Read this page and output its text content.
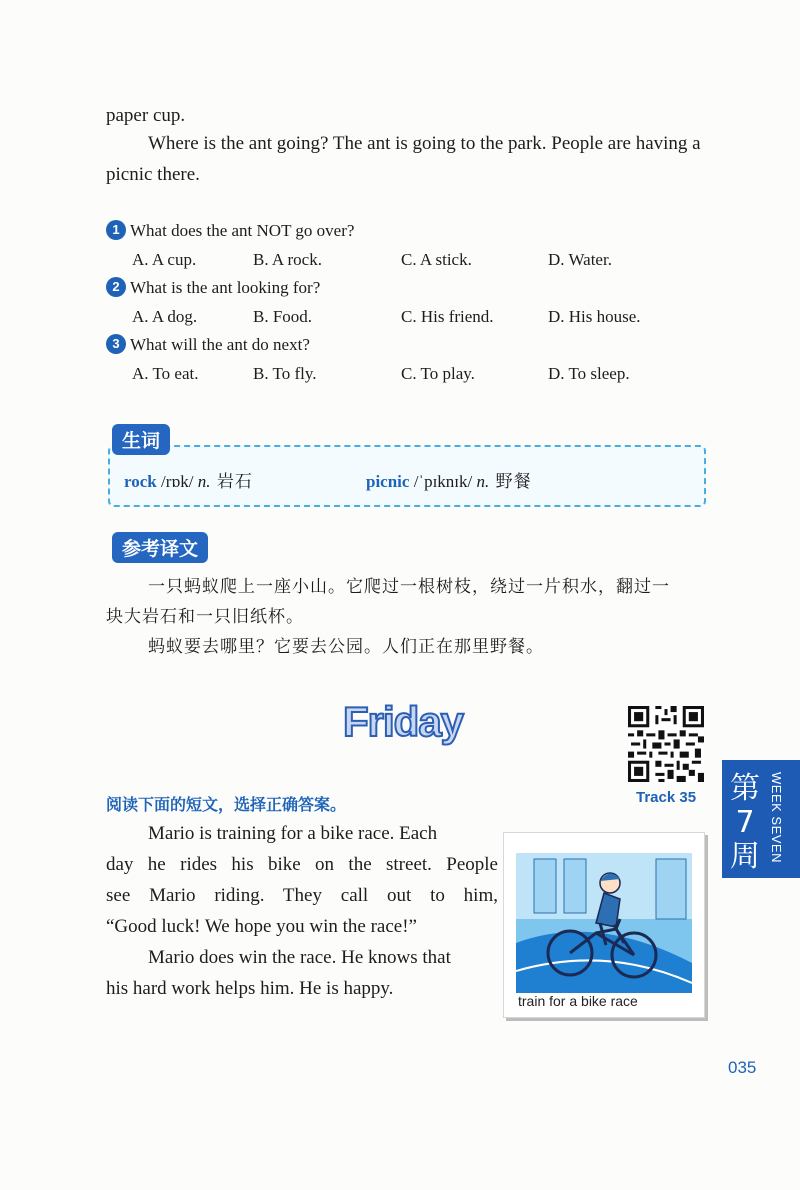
paper cup.
Where is the ant going? The ant is going to the park. People are having a picnic there.
1 What does the ant NOT go over?
A. A cup.	B. A rock.	C. A stick.	D. Water.
2 What is the ant looking for?
A. A dog.	B. Food.	C. His friend.	D. His house.
3 What will the ant do next?
A. To eat.	B. To fly.	C. To play.	D. To sleep.
rock /rɒk/ n. 岩石	picnic /ˈpɪknɪk/ n. 野餐
生词
参考译文
一只蚂蚁爬上一座小山。它爬过一根树枝，绕过一片积水，翻过一
块大岩石和一只旧纸杯。
蚂蚁要去哪里？它要去公园。人们正在那里野餐。
Friday
Track 35 第7周 WEEK SEVEN
阅读下面的短文，选择正确答案。
Mario is training for a bike race. Each
day he rides his bike on the street. People
see Mario riding. They call out to him,
“Good luck! We hope you win the race!”
Mario does win the race. He knows that
his hard work helps him. He is happy.
train for a bike race
035
